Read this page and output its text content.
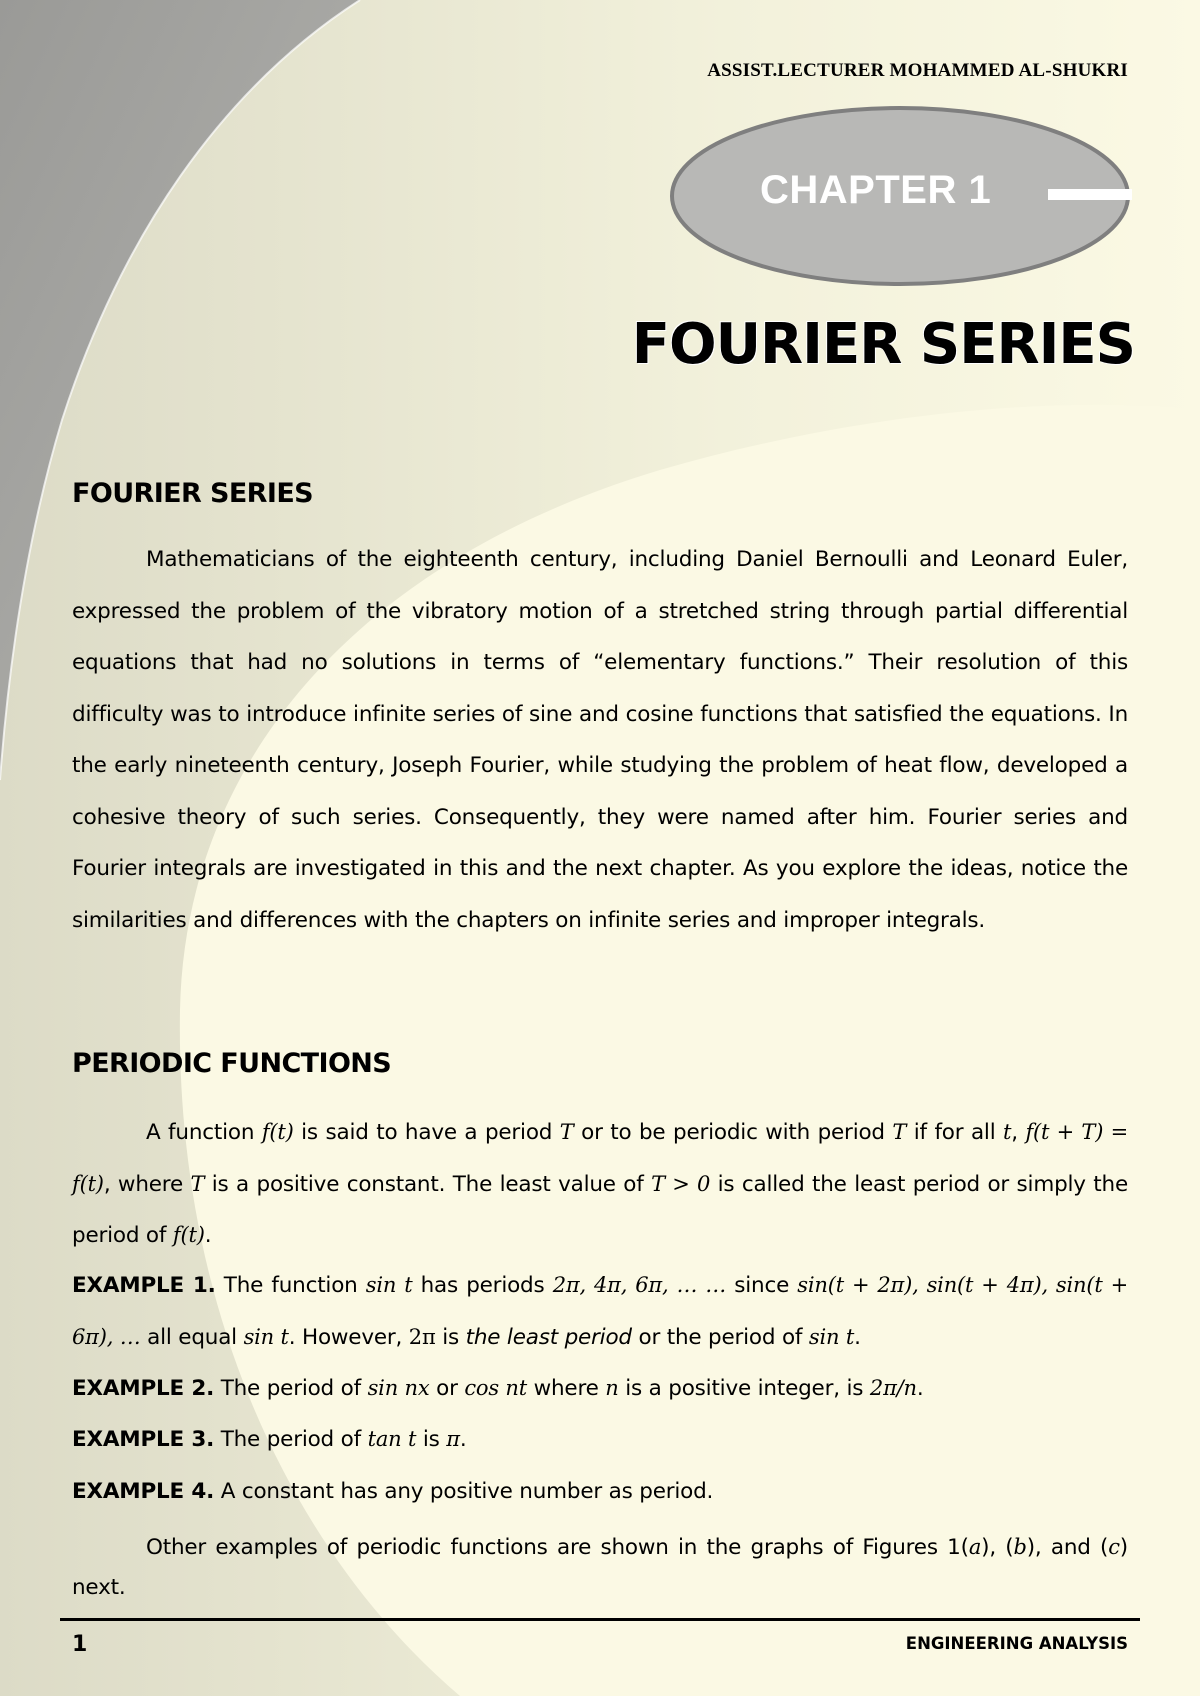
ASSIST.LECTURER MOHAMMED AL-SHUKRI
CHAPTER 1
FOURIER SERIES
FOURIER SERIES
Mathematicians of the eighteenth century, including Daniel Bernoulli and Leonard Euler, expressed the problem of the vibratory motion of a stretched string through partial differential equations that had no solutions in terms of “elementary functions.” Their resolution of this difficulty was to introduce infinite series of sine and cosine functions that satisfied the equations. In the early nineteenth century, Joseph Fourier, while studying the problem of heat flow, developed a cohesive theory of such series. Consequently, they were named after him. Fourier series and Fourier integrals are investigated in this and the next chapter. As you explore the ideas, notice the similarities and differences with the chapters on infinite series and improper integrals.
PERIODIC FUNCTIONS
A function f(t) is said to have a period T or to be periodic with period T if for all t, f(t + T) = f(t), where T is a positive constant. The least value of T > 0 is called the least period or simply the period of f(t).
EXAMPLE 1. The function sin t has periods 2π, 4π, 6π, … … since sin(t + 2π), sin(t + 4π), sin(t + 6π), … all equal sin t. However, 2π is the least period or the period of sin t.
EXAMPLE 2. The period of sin nx or cos nt where n is a positive integer, is 2π/n.
EXAMPLE 3. The period of tan t is π.
EXAMPLE 4. A constant has any positive number as period.
Other examples of periodic functions are shown in the graphs of Figures 1(a), (b), and (c) next.
1	ENGINEERING ANALYSIS
